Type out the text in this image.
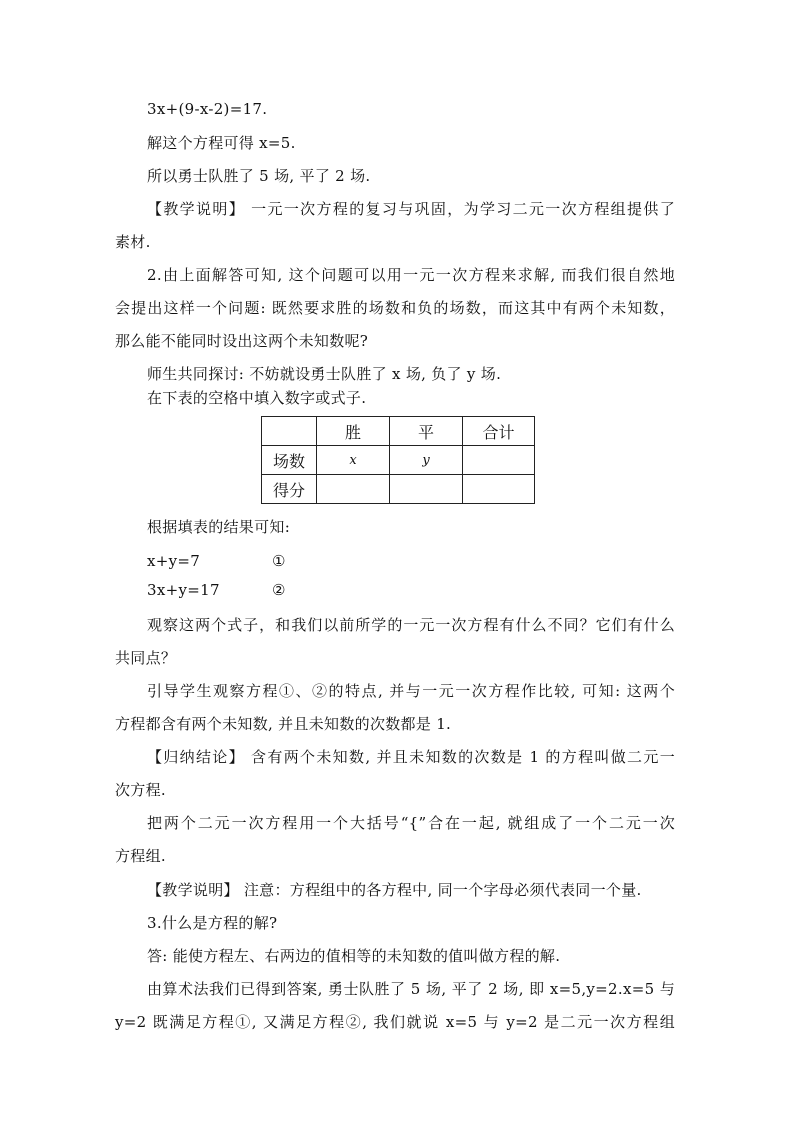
3x+(9-x-2)=17.
解这个方程可得 x=5.
所以勇士队胜了 5 场, 平了 2 场.
【教学说明】 一元一次方程的复习与巩固，为学习二元一次方程组提供了
素材.
2.由上面解答可知, 这个问题可以用一元一次方程来求解, 而我们很自然地
会提出这样一个问题: 既然要求胜的场数和负的场数，而这其中有两个未知数，
那么能不能同时设出这两个未知数呢?
师生共同探讨: 不妨就设勇士队胜了 x 场, 负了 y 场.
在下表的空格中填入数字或式子.
	胜	平	合计
场数	x	y	
得分			
根据填表的结果可知:
x+y=7	①
3x+y=17	②
观察这两个式子，和我们以前所学的一元一次方程有什么不同？它们有什么
共同点？
引导学生观察方程①、②的特点, 并与一元一次方程作比较, 可知: 这两个
方程都含有两个未知数, 并且未知数的次数都是 1.
【归纳结论】 含有两个未知数, 并且未知数的次数是 1 的方程叫做二元一
次方程.
把两个二元一次方程用一个大括号“{”合在一起, 就组成了一个二元一次
方程组.
【教学说明】 注意：方程组中的各方程中, 同一个字母必须代表同一个量.
3.什么是方程的解?
答: 能使方程左、右两边的值相等的未知数的值叫做方程的解.
由算术法我们已得到答案, 勇士队胜了 5 场, 平了 2 场, 即 x=5,y=2.x=5 与
y=2 既满足方程①, 又满足方程②, 我们就说 x=5 与 y=2 是二元一次方程组
